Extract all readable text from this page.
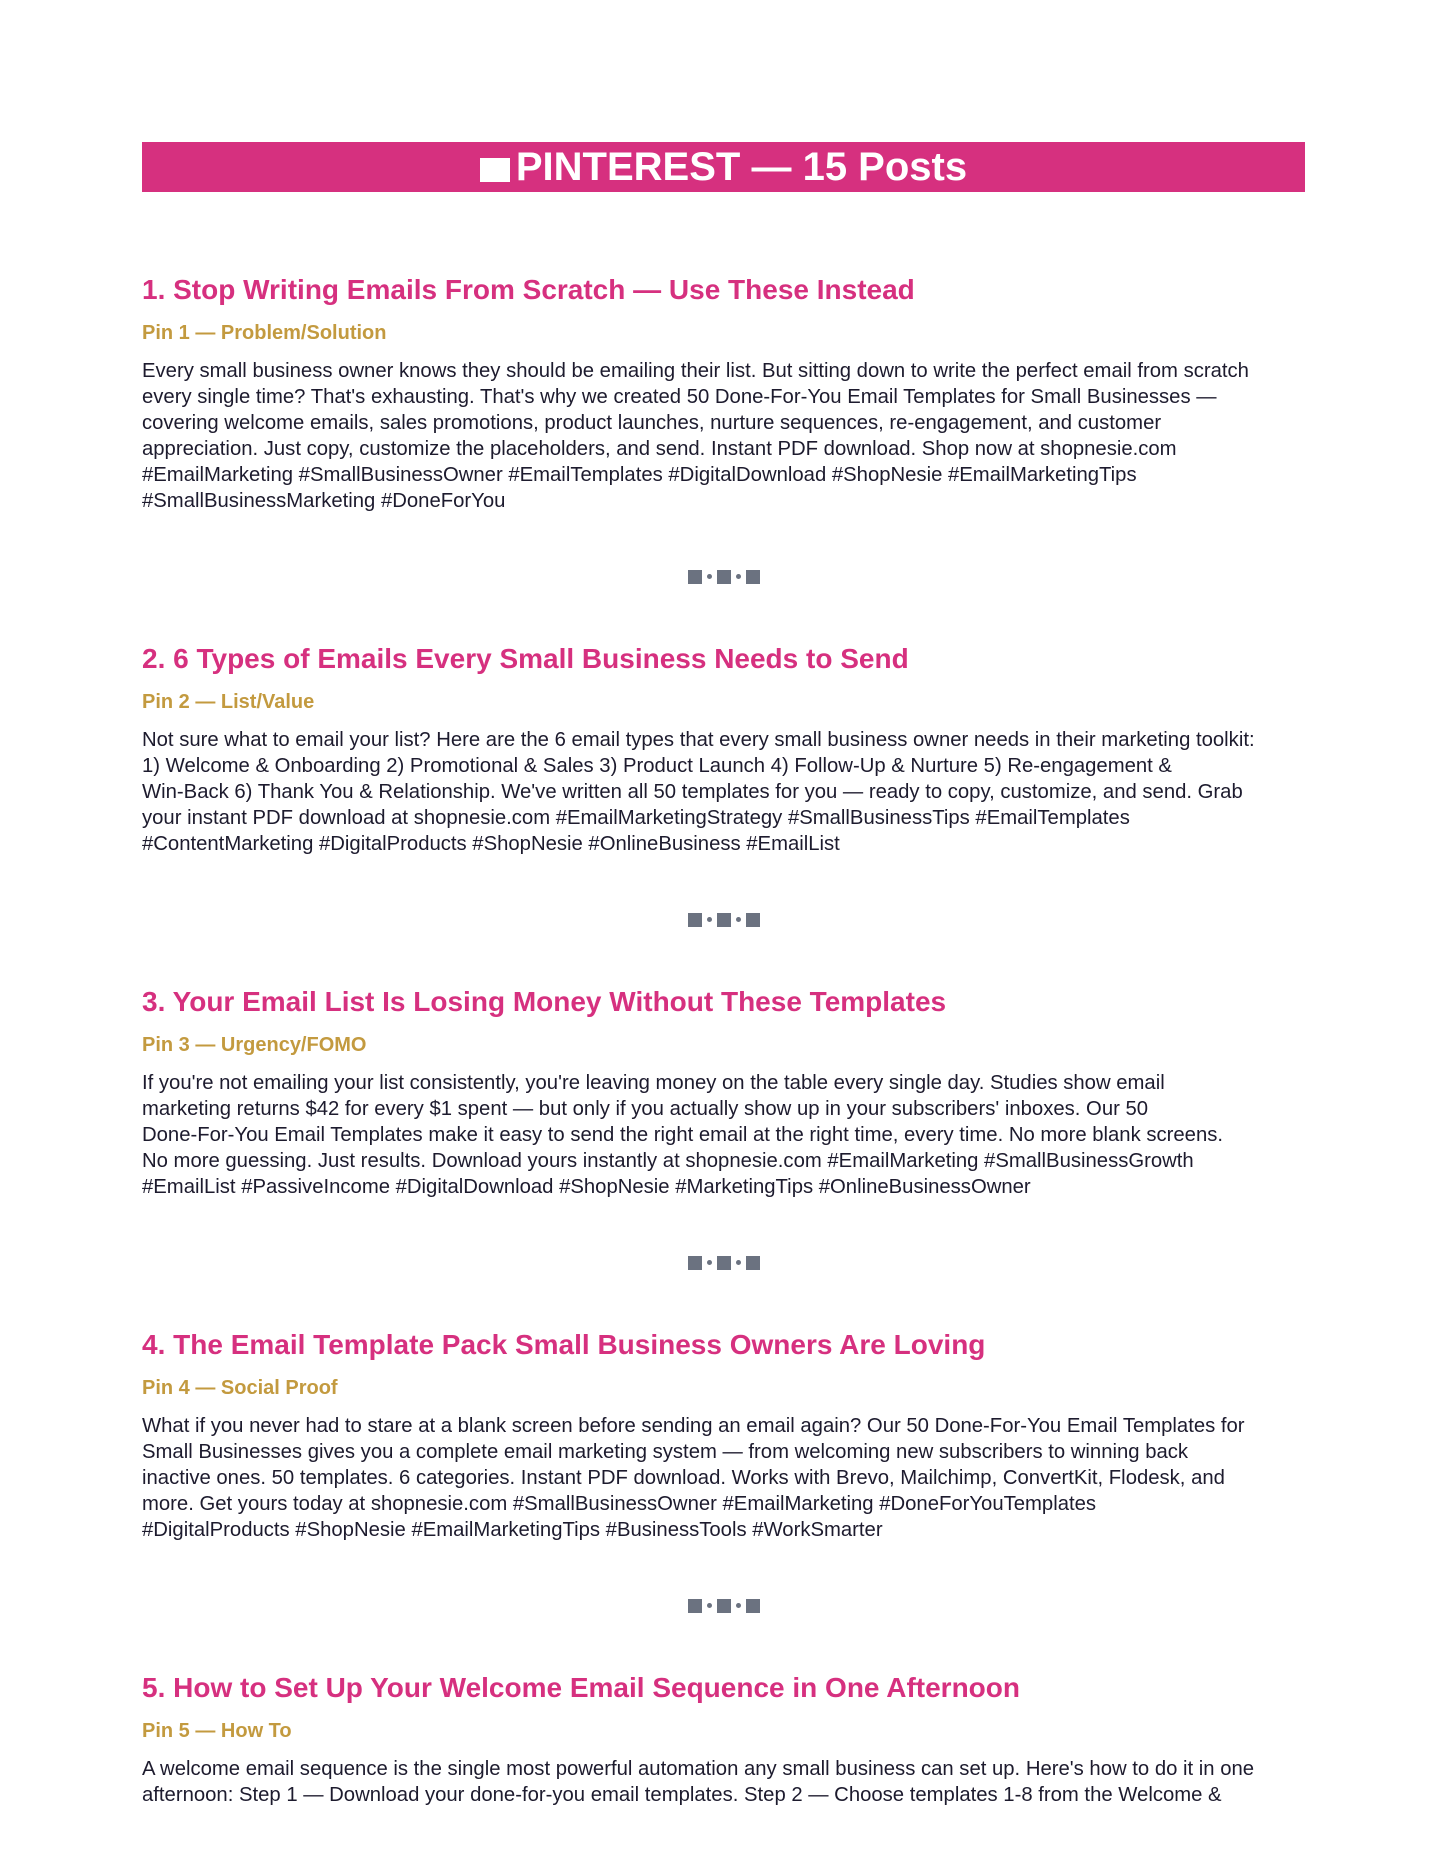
PINTEREST — 15 Posts
1. Stop Writing Emails From Scratch — Use These Instead
Pin 1 — Problem/Solution
Every small business owner knows they should be emailing their list. But sitting down to write the perfect email from scratch
every single time? That's exhausting. That's why we created 50 Done-For-You Email Templates for Small Businesses —
covering welcome emails, sales promotions, product launches, nurture sequences, re-engagement, and customer
appreciation. Just copy, customize the placeholders, and send. Instant PDF download. Shop now at shopnesie.com
#EmailMarketing #SmallBusinessOwner #EmailTemplates #DigitalDownload #ShopNesie #EmailMarketingTips
#SmallBusinessMarketing #DoneForYou
2. 6 Types of Emails Every Small Business Needs to Send
Pin 2 — List/Value
Not sure what to email your list? Here are the 6 email types that every small business owner needs in their marketing toolkit:
1) Welcome & Onboarding 2) Promotional & Sales 3) Product Launch 4) Follow-Up & Nurture 5) Re-engagement &
Win-Back 6) Thank You & Relationship. We've written all 50 templates for you — ready to copy, customize, and send. Grab
your instant PDF download at shopnesie.com #EmailMarketingStrategy #SmallBusinessTips #EmailTemplates
#ContentMarketing #DigitalProducts #ShopNesie #OnlineBusiness #EmailList
3. Your Email List Is Losing Money Without These Templates
Pin 3 — Urgency/FOMO
If you're not emailing your list consistently, you're leaving money on the table every single day. Studies show email
marketing returns $42 for every $1 spent — but only if you actually show up in your subscribers' inboxes. Our 50
Done-For-You Email Templates make it easy to send the right email at the right time, every time. No more blank screens.
No more guessing. Just results. Download yours instantly at shopnesie.com #EmailMarketing #SmallBusinessGrowth
#EmailList #PassiveIncome #DigitalDownload #ShopNesie #MarketingTips #OnlineBusinessOwner
4. The Email Template Pack Small Business Owners Are Loving
Pin 4 — Social Proof
What if you never had to stare at a blank screen before sending an email again? Our 50 Done-For-You Email Templates for
Small Businesses gives you a complete email marketing system — from welcoming new subscribers to winning back
inactive ones. 50 templates. 6 categories. Instant PDF download. Works with Brevo, Mailchimp, ConvertKit, Flodesk, and
more. Get yours today at shopnesie.com #SmallBusinessOwner #EmailMarketing #DoneForYouTemplates
#DigitalProducts #ShopNesie #EmailMarketingTips #BusinessTools #WorkSmarter
5. How to Set Up Your Welcome Email Sequence in One Afternoon
Pin 5 — How To
A welcome email sequence is the single most powerful automation any small business can set up. Here's how to do it in one
afternoon: Step 1 — Download your done-for-you email templates. Step 2 — Choose templates 1-8 from the Welcome &
